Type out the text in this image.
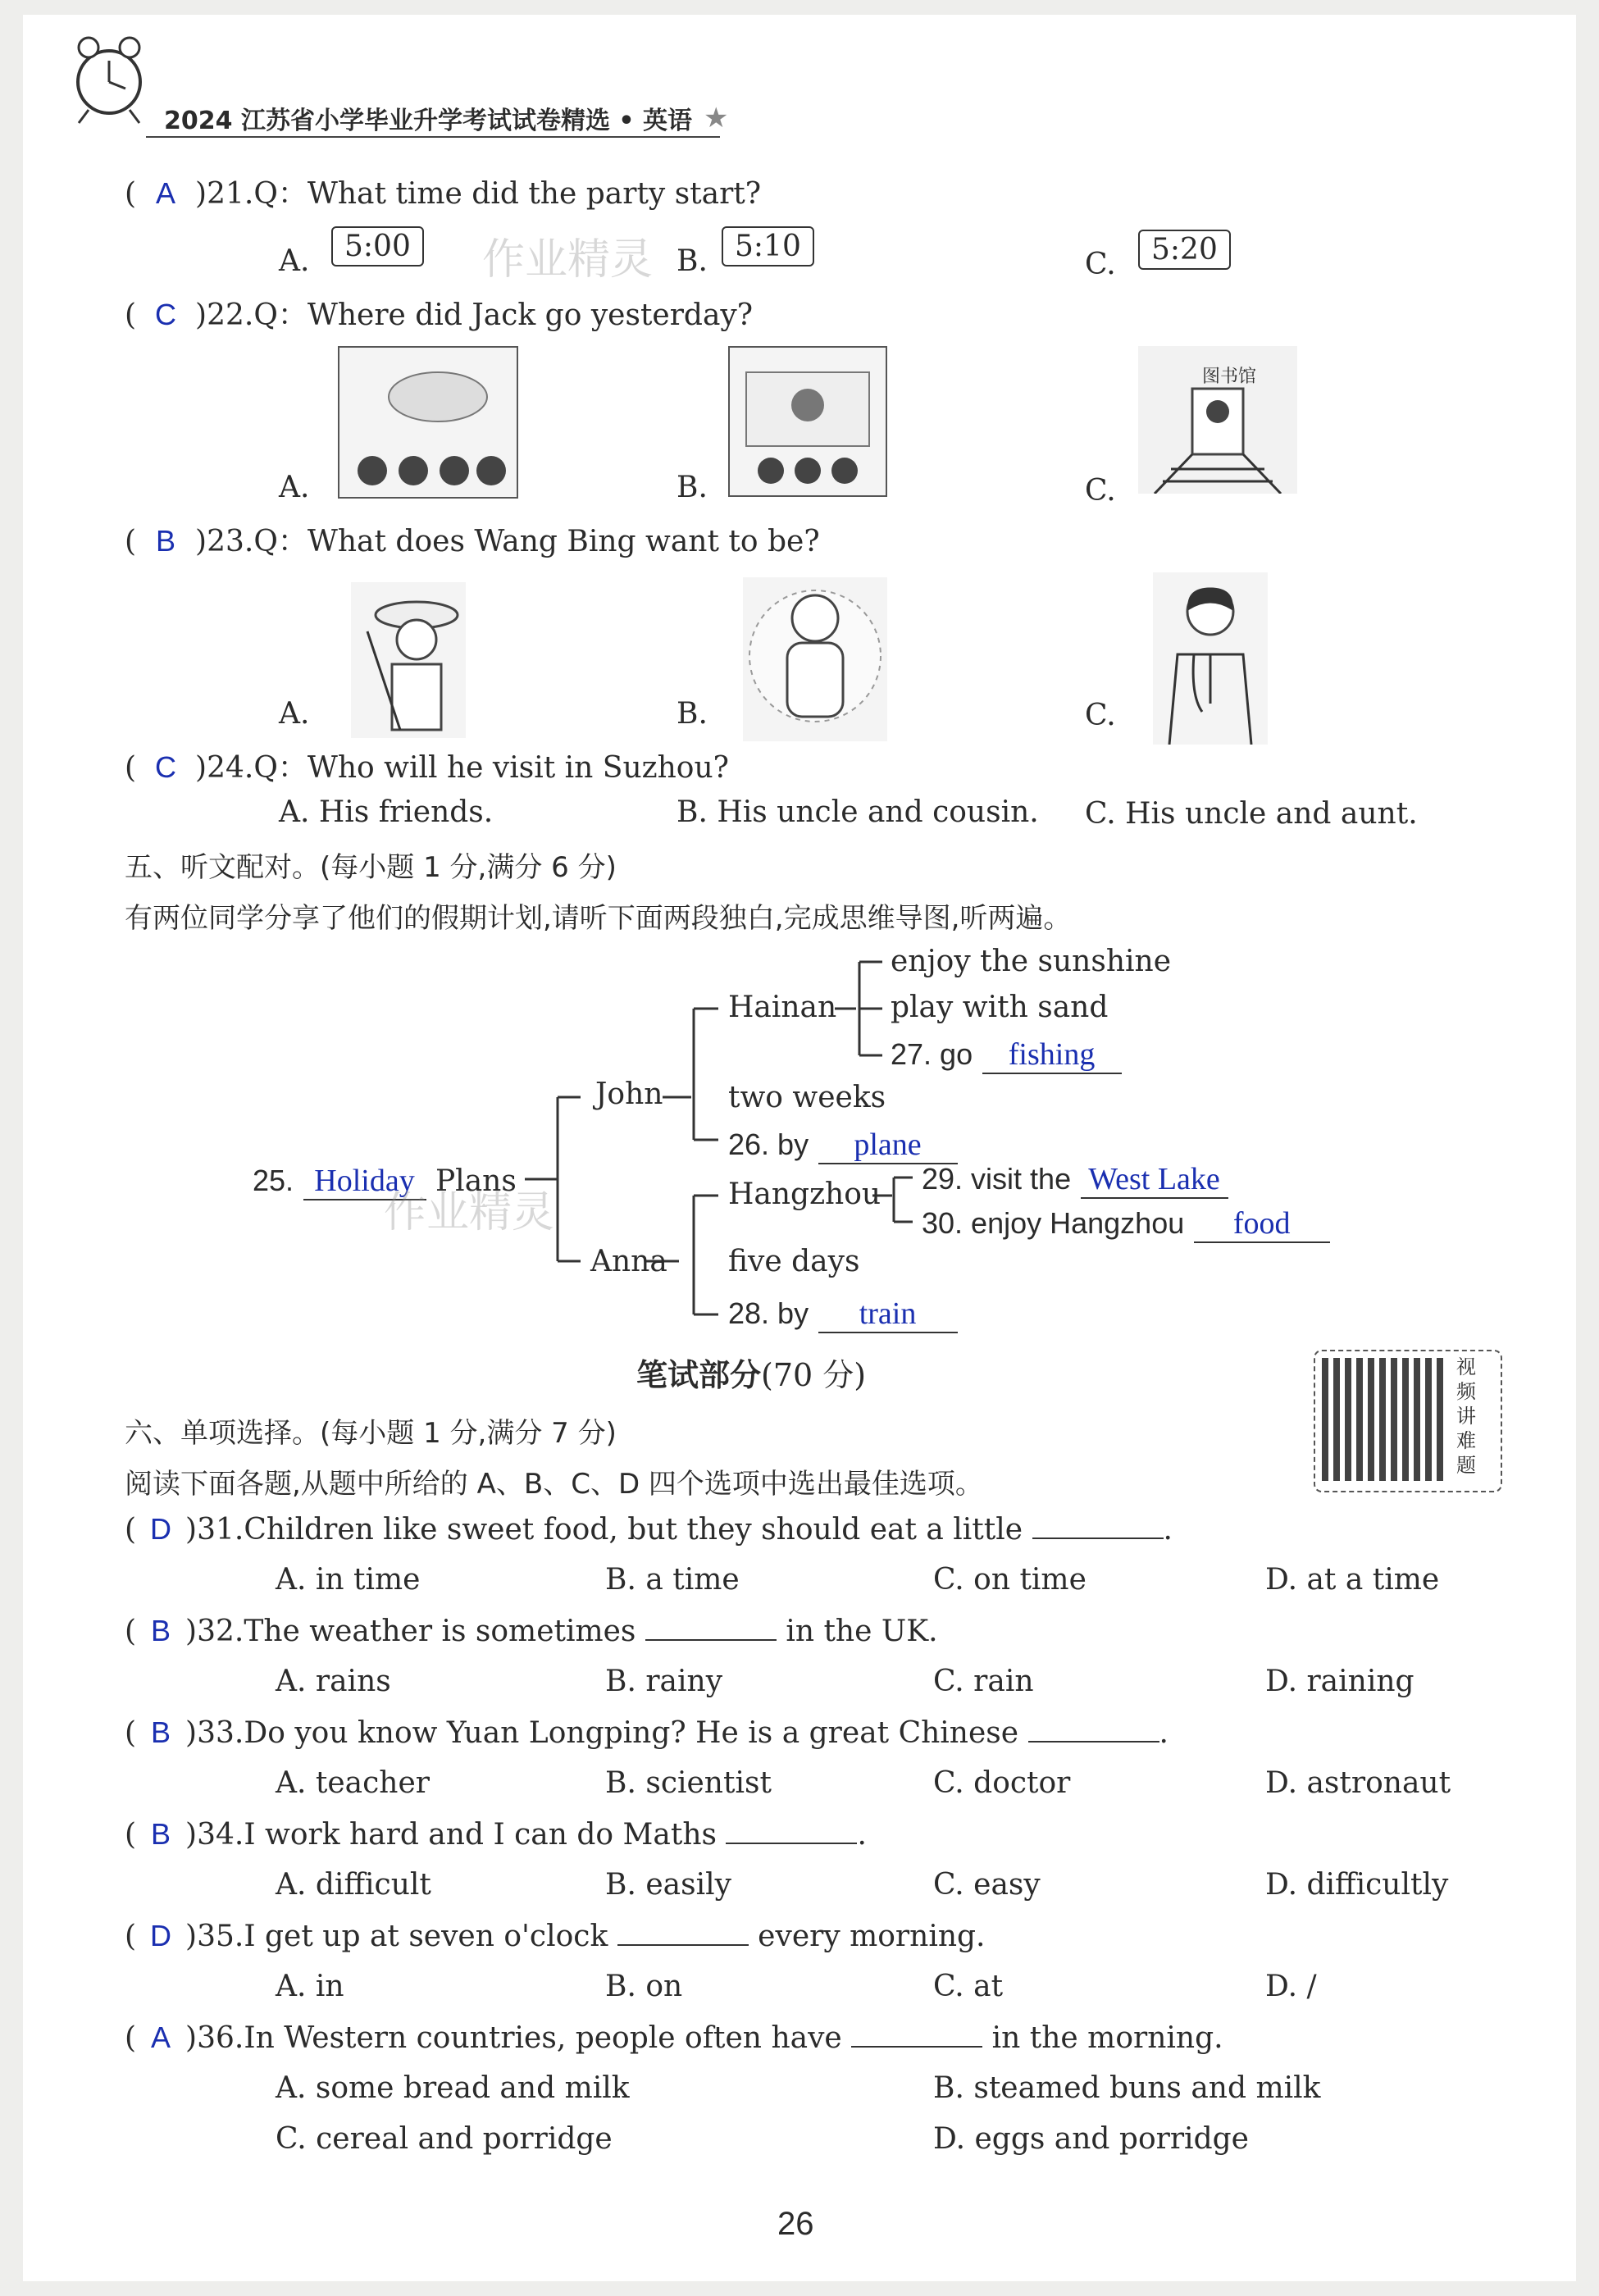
2024 江苏省小学毕业升学考试试卷精选 • 英语 ★
( A )21.Q：What time did the party start?
A.	5:00	B. 5:10
C.	5:20
( C )22.Q：Where did Jack go yesterday?
A.	B.
图书馆
C.
( B )23.Q：What does Wang Bing want to be?
A.	B.	C.
( C )24.Q：Who will he visit in Suzhou?
A. His friends.	B. His uncle and cousin. C. His uncle and aunt.
五、听文配对。(每小题 1 分,满分 6 分)
有两位同学分享了他们的假期计划,请听下面两段独白,完成思维导图,听两遍。
25. Holiday Plans
John
Hainan
enjoy the sunshine
play with sand
27. go fishing
two weeks
26. by plane
Anna
Hangzhou 29. visit the West Lake
30. enjoy Hangzhou food
five days
28. by train
笔试部分(70 分)	视
频
讲
难
题
六、单项选择。(每小题 1 分,满分 7 分)
阅读下面各题,从题中所给的 A、B、C、D 四个选项中选出最佳选项。
( D )31.Children like sweet food, but they should eat a little	.
A. in time	B. a time	C. on time	D. at a time
( B )32.The weather is sometimes	in the UK.
A. rains	B. rainy	C. rain	D. raining
( B )33.Do you know Yuan Longping? He is a great Chinese	.
A. teacher	B. scientist	C. doctor	D. astronaut
( B )34.I work hard and I can do Maths	.
A. difficult	B. easily	C. easy	D. difficultly
( D )35.I get up at seven o'clock	every morning.
A. in	B. on	C. at	D. /
( A )36.In Western countries, people often have	in the morning.
A. some bread and milk	B. steamed buns and milk
C. cereal and porridge	D. eggs and porridge
作业精灵
作业精灵
26
